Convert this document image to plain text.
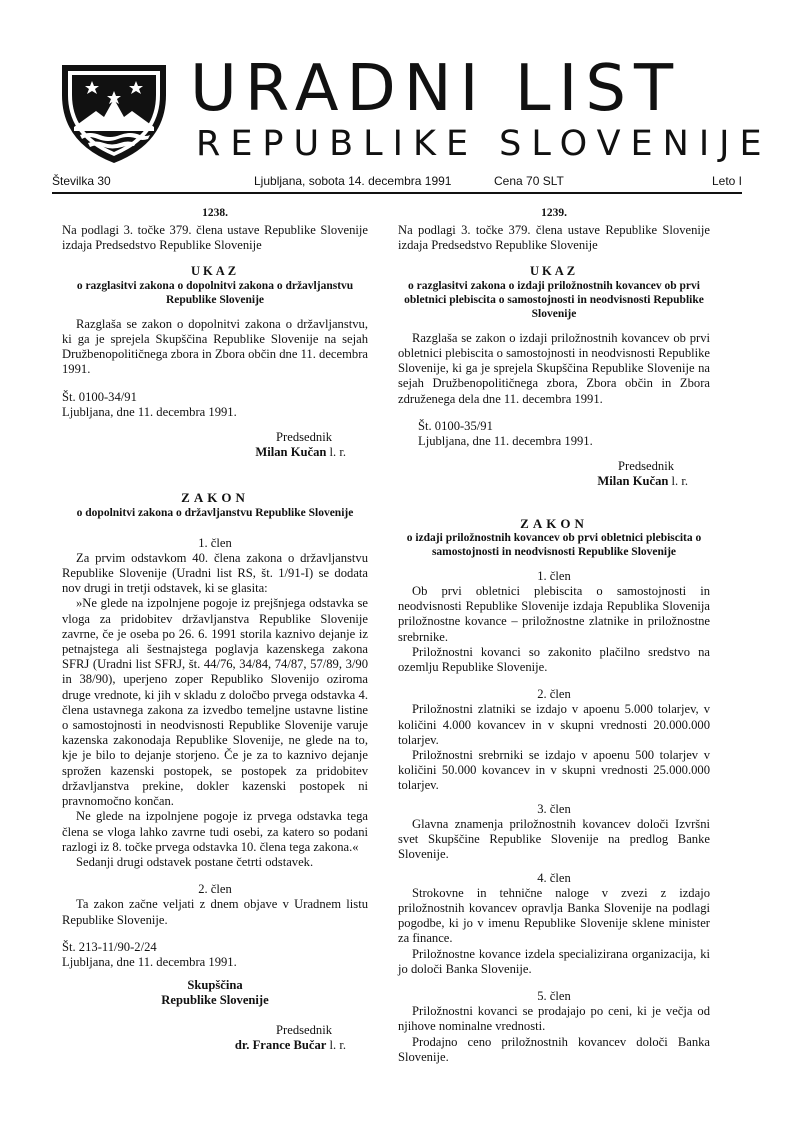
URADNI LIST
REPUBLIKE SLOVENIJE
Številka 30	Ljubljana, sobota 14. decembra 1991	Cena 70 SLT	Leto I
1238.

Na podlagi 3. točke 379. člena ustave Republike Slovenije izdaja Predsedstvo Republike Slovenije

UKAZ
o razglasitvi zakona o dopolnitvi zakona o državljanstvu Republike Slovenije

Razglaša se zakon o dopolnitvi zakona o državljanstvu, ki ga je sprejela Skupščina Republike Slovenije na sejah Družbenopolitičnega zbora in Zbora občin dne 11. decembra 1991.

Št. 0100-34/91
Ljubljana, dne 11. decembra 1991.

Predsednik
Milan Kučan l. r.
ZAKON
o dopolnitvi zakona o državljanstvu Republike Slovenije
1. člen

Za prvim odstavkom 40. člena zakona o državljanstvu Republike Slovenije (Uradni list RS, št. 1/91-I) se dodata nov drugi in tretji odstavek, ki se glasita:

»Ne glede na izpolnjene pogoje iz prejšnjega odstavka se vloga za pridobitev državljanstva Republike Slovenije zavrne, če je oseba po 26. 6. 1991 storila kaznivo dejanje iz petnajstega ali šestnajstega poglavja kazenskega zakona SFRJ (Uradni list SFRJ, št. 44/76, 34/84, 74/87, 57/89, 3/90 in 38/90), uperjeno zoper Republiko Slovenijo oziroma druge vrednote, ki jih v skladu z določbo prvega odstavka 4. člena ustavnega zakona za izvedbo temeljne ustavne listine o samostojnosti in neodvisnosti Republike Slovenije varuje kazenska zakonodaja Republike Slovenije, ne glede na to, kje je bilo to dejanje storjeno. Če je za to kaznivo dejanje sprožen kazenski postopek, se postopek za pridobitev državljanstva prekine, dokler kazenski postopek ni pravnomočno končan.

Ne glede na izpolnjene pogoje iz prvega odstavka tega člena se vloga lahko zavrne tudi osebi, za katero so podani razlogi iz 8. točke prvega odstavka 10. člena tega zakona.«

Sedanji drugi odstavek postane četrti odstavek.

2. člen

Ta zakon začne veljati z dnem objave v Uradnem listu Republike Slovenije.

Št. 213-11/90-2/24
Ljubljana, dne 11. decembra 1991.

Skupščina
Republike Slovenije
Predsednik
dr. France Bučar l. r.
1239.

Na podlagi 3. točke 379. člena ustave Republike Slovenije izdaja Predsedstvo Republike Slovenije

UKAZ
o razglasitvi zakona o izdaji priložnostnih kovancev ob prvi obletnici plebiscita o samostojnosti in neodvisnosti Republike Slovenije

Razglaša se zakon o izdaji priložnostnih kovancev ob prvi obletnici plebiscita o samostojnosti in neodvisnosti Republike Slovenije, ki ga je sprejela Skupščina Republike Slovenije na sejah Družbenopolitičnega zbora, Zbora občin in Zbora združenega dela dne 11. decembra 1991.

Št. 0100-35/91
Ljubljana, dne 11. decembra 1991.

Predsednik
Milan Kučan l. r.
ZAKON
o izdaji priložnostnih kovancev ob prvi obletnici plebiscita o samostojnosti in neodvisnosti Republike Slovenije
1. člen

Ob prvi obletnici plebiscita o samostojnosti in neodvisnosti Republike Slovenije izdaja Republika Slovenija priložnostne kovance – priložnostne zlatnike in priložnostne srebrnike.

Priložnostni kovanci so zakonito plačilno sredstvo na ozemlju Republike Slovenije.

2. člen

Priložnostni zlatniki se izdajo v apoenu 5.000 tolarjev, v količini 4.000 kovancev in v skupni vrednosti 20.000.000 tolarjev.

Priložnostni srebrniki se izdajo v apoenu 500 tolarjev v količini 50.000 kovancev in v skupni vrednosti 25.000.000 tolarjev.

3. člen

Glavna znamenja priložnostnih kovancev določi Izvršni svet Skupščine Republike Slovenije na predlog Banke Slovenije.

4. člen

Strokovne in tehnične naloge v zvezi z izdajo priložnostnih kovancev opravlja Banka Slovenije na podlagi pogodbe, ki jo v imenu Republike Slovenije sklene minister za finance.

Priložnostne kovance izdela specializirana organizacija, ki jo določi Banka Slovenije.

5. člen

Priložnostni kovanci se prodajajo po ceni, ki je večja od njihove nominalne vrednosti.

Prodajno ceno priložnostnih kovancev določi Banka Slovenije.
